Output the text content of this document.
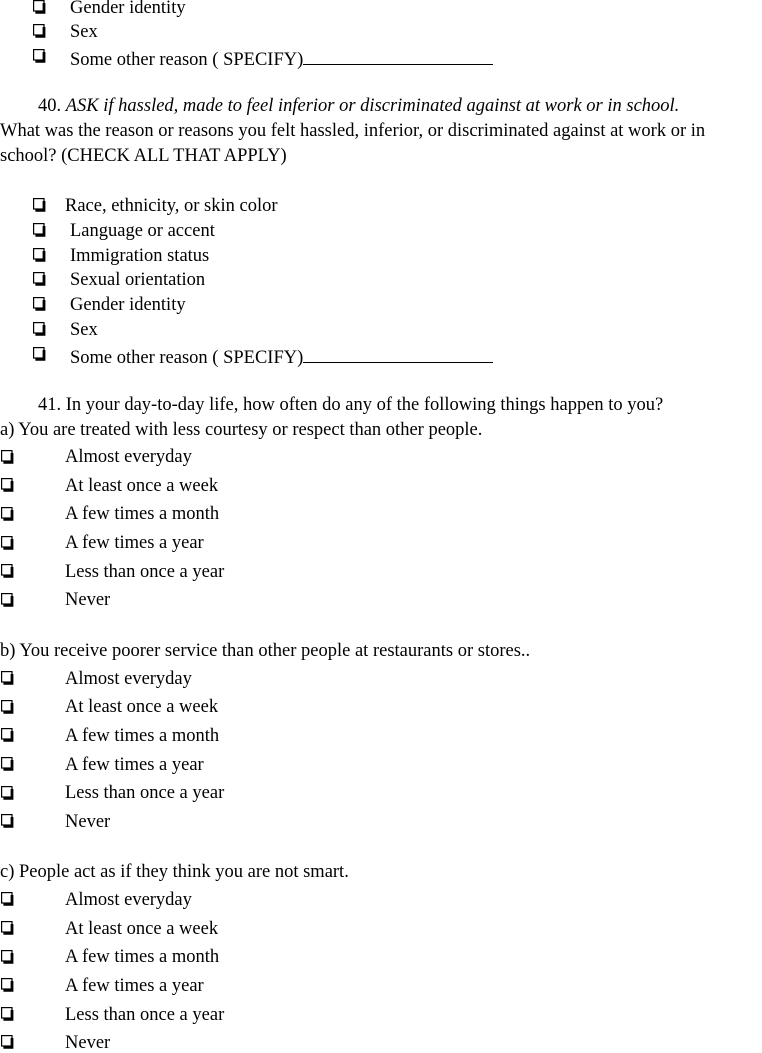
Gender identity
Sex
Some other reason ( SPECIFY)
40. ASK if hassled, made to feel inferior or discriminated against at work or in school.
What was the reason or reasons you felt hassled, inferior, or discriminated against at work or in
school? (CHECK ALL THAT APPLY)
Race, ethnicity, or skin color
Language or accent
Immigration status
Sexual orientation
Gender identity
Sex
Some other reason ( SPECIFY)
41. In your day-to-day life, how often do any of the following things happen to you?
a) You are treated with less courtesy or respect than other people.
Almost everyday
At least once a week
A few times a month
A few times a year
Less than once a year
Never
b) You receive poorer service than other people at restaurants or stores..
Almost everyday
At least once a week
A few times a month
A few times a year
Less than once a year
Never
c) People act as if they think you are not smart.
Almost everyday
At least once a week
A few times a month
A few times a year
Less than once a year
Never
